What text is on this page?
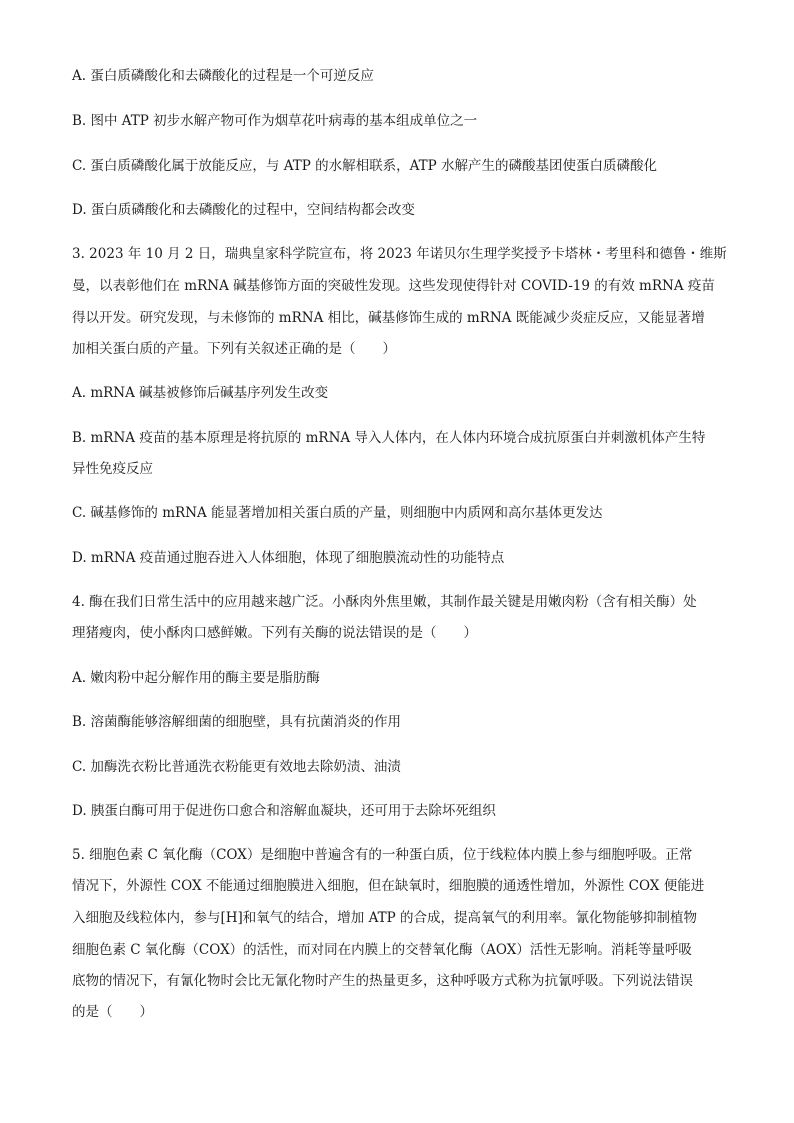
A. 蛋白质磷酸化和去磷酸化的过程是一个可逆反应
B. 图中 ATP 初步水解产物可作为烟草花叶病毒的基本组成单位之一
C. 蛋白质磷酸化属于放能反应，与 ATP 的水解相联系，ATP 水解产生的磷酸基团使蛋白质磷酸化
D. 蛋白质磷酸化和去磷酸化的过程中，空间结构都会改变
3. 2023 年 10 月 2 日，瑞典皇家科学院宣布，将 2023 年诺贝尔生理学奖授予卡塔林・考里科和德鲁・维斯
曼，以表彰他们在 mRNA 碱基修饰方面的突破性发现。这些发现使得针对 COVID-19 的有效 mRNA 疫苗
得以开发。研究发现，与未修饰的 mRNA 相比，碱基修饰生成的 mRNA 既能减少炎症反应，又能显著增
加相关蛋白质的产量。下列有关叙述正确的是（　　）
A. mRNA 碱基被修饰后碱基序列发生改变
B. mRNA 疫苗的基本原理是将抗原的 mRNA 导入人体内，在人体内环境合成抗原蛋白并刺激机体产生特
异性免疫反应
C. 碱基修饰的 mRNA 能显著增加相关蛋白质的产量，则细胞中内质网和高尔基体更发达
D. mRNA 疫苗通过胞吞进入人体细胞，体现了细胞膜流动性的功能特点
4. 酶在我们日常生活中的应用越来越广泛。小酥肉外焦里嫩，其制作最关键是用嫩肉粉（含有相关酶）处
理猪瘦肉，使小酥肉口感鲜嫩。下列有关酶的说法错误的是（　　）
A. 嫩肉粉中起分解作用的酶主要是脂肪酶
B. 溶菌酶能够溶解细菌的细胞壁，具有抗菌消炎的作用
C. 加酶洗衣粉比普通洗衣粉能更有效地去除奶渍、油渍
D. 胰蛋白酶可用于促进伤口愈合和溶解血凝块，还可用于去除坏死组织
5. 细胞色素 C 氧化酶（COX）是细胞中普遍含有的一种蛋白质，位于线粒体内膜上参与细胞呼吸。正常
情况下，外源性 COX 不能通过细胞膜进入细胞，但在缺氧时，细胞膜的通透性增加，外源性 COX 便能进
入细胞及线粒体内，参与[H]和氧气的结合，增加 ATP 的合成，提高氧气的利用率。氰化物能够抑制植物
细胞色素 C 氧化酶（COX）的活性，而对同在内膜上的交替氧化酶（AOX）活性无影响。消耗等量呼吸
底物的情况下，有氰化物时会比无氰化物时产生的热量更多，这种呼吸方式称为抗氰呼吸。下列说法错误
的是（　　）
